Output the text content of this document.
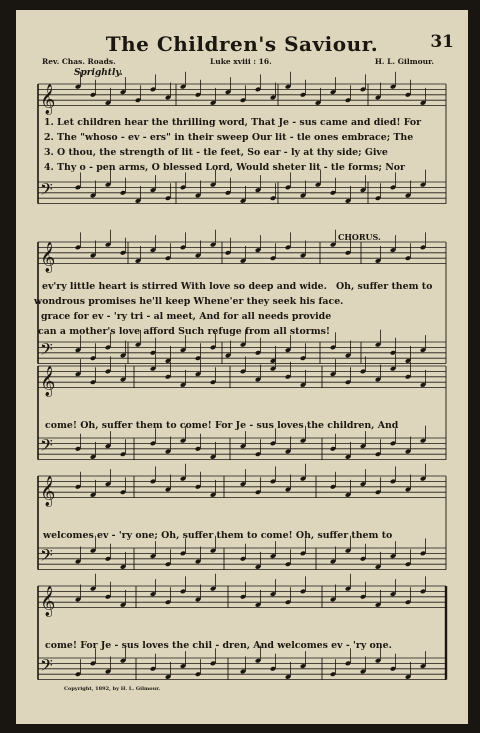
The Children's Saviour.	31
Rev. Chas. Roads.	Luke xviii : 16.	H. L. Gilmour.
Sprightly.
𝄞
𝄢
𝄞
𝄢
𝄞
𝄢
𝄞
𝄢
𝄞
𝄢
1. Let children hear the thrilling word, That Je - sus came and died! For
2. The "whoso - ev - ers" in their sweep Our lit - tle ones embrace; The
3. O thou, the strength of lit - tle feet, So ear - ly at thy side; Give
4. Thy o - pen arms, O blessed Lord, Would sheter lit - tle forms; Nor
CHORUS.
ev'ry little heart is stirred With love so deep and wide. Oh, suffer them to
wondrous promises he'll keep Whene'er they seek his face.
grace for ev - 'ry tri - al meet, And for all needs provide
can a mother's love afford Such refuge from all storms!
come! Oh, suffer them to come! For Je - sus loves the children, And
welcomes ev - 'ry one; Oh, suffer them to come! Oh, suffer them to
come! For Je - sus loves the chil - dren, And welcomes ev - 'ry one.
Copyright, 1892, by H. L. Gilmour.
